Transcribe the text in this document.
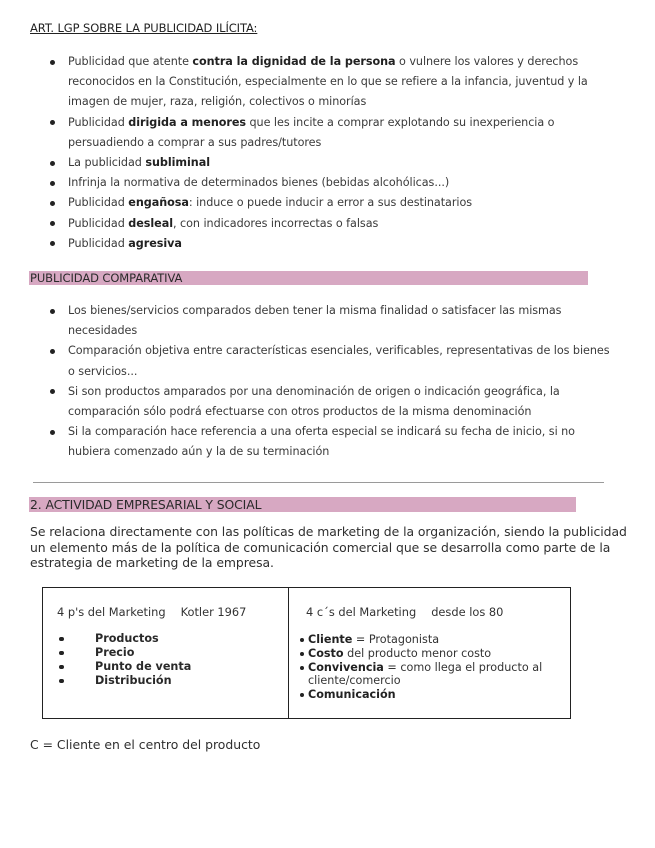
ART. LGP SOBRE LA PUBLICIDAD ILÍCITA:
Publicidad que atente contra la dignidad de la persona o vulnere los valores y derechos reconocidos en la Constitución, especialmente en lo que se refiere a la infancia, juventud y la imagen de mujer, raza, religión, colectivos o minorías
Publicidad dirigida a menores que les incite a comprar explotando su inexperiencia o persuadiendo a comprar a sus padres/tutores
La publicidad subliminal
Infrinja la normativa de determinados bienes (bebidas alcohólicas...)
Publicidad engañosa: induce o puede inducir a error a sus destinatarios
Publicidad desleal, con indicadores incorrectas o falsas
Publicidad agresiva
PUBLICIDAD COMPARATIVA
Los bienes/servicios comparados deben tener la misma finalidad o satisfacer las mismas necesidades
Comparación objetiva entre características esenciales, verificables, representativas de los bienes o servicios...
Si son productos amparados por una denominación de origen o indicación geográfica, la comparación sólo podrá efectuarse con otros productos de la misma denominación
Si la comparación hace referencia a una oferta especial se indicará su fecha de inicio, si no hubiera comenzado aún y la de su terminación
2. ACTIVIDAD EMPRESARIAL Y SOCIAL
Se relaciona directamente con las políticas de marketing de la organización, siendo la publicidad un elemento más de la política de comunicación comercial que se desarrolla como parte de la estrategia de marketing de la empresa.
4 p's del Marketing Kotler 1967
Productos
Precio
Punto de venta
Distribución
4 c´s del Marketing desde los 80
Cliente = Protagonista
Costo del producto menor costo
Convivencia = como llega el producto al cliente/comercio
Comunicación
C = Cliente en el centro del producto
